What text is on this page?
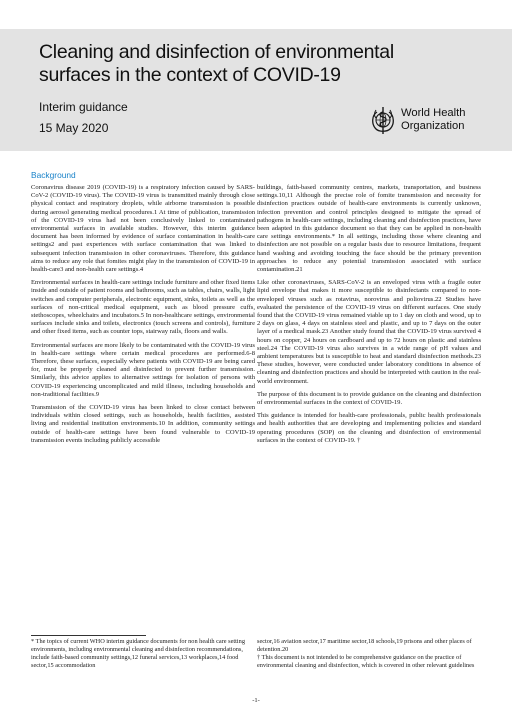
Cleaning and disinfection of environmental surfaces in the context of COVID-19
Interim guidance
15 May 2020
World Health
Organization
Background

Coronavirus disease 2019 (COVID-19) is a respiratory infection caused by SARS-CoV-2 (COVID-19 virus). The COVID-19 virus is transmitted mainly through close physical contact and respiratory droplets, while airborne transmission is possible during aerosol generating medical procedures.1 At time of publication, transmission of the COVID-19 virus had not been conclusively linked to contaminated environmental surfaces in available studies. However, this interim guidance document has been informed by evidence of surface contamination in health-care settings2 and past experiences with surface contamination that was linked to subsequent infection transmission in other coronaviruses. Therefore, this guidance aims to reduce any role that fomites might play in the transmission of COVID-19 in health-care3 and non-health care settings.4

Environmental surfaces in health-care settings include furniture and other fixed items inside and outside of patient rooms and bathrooms, such as tables, chairs, walls, light switches and computer peripherals, electronic equipment, sinks, toilets as well as the surfaces of non-critical medical equipment, such as blood pressure cuffs, stethoscopes, wheelchairs and incubators.5 In non-healthcare settings, environmental surfaces include sinks and toilets, electronics (touch screens and controls), furniture and other fixed items, such as counter tops, stairway rails, floors and walls.

Environmental surfaces are more likely to be contaminated with the COVID-19 virus in health-care settings where certain medical procedures are performed.6-8 Therefore, these surfaces, especially where patients with COVID-19 are being cared for, must be properly cleaned and disinfected to prevent further transmission. Similarly, this advice applies to alternative settings for isolation of persons with COVID-19 experiencing uncomplicated and mild illness, including households and non-traditional facilities.9

Transmission of the COVID-19 virus has been linked to close contact between individuals within closed settings, such as households, health facilities, assisted living and residential institution environments.10 In addition, community settings outside of health-care settings have been found vulnerable to COVID-19 transmission events including publicly accessible

buildings, faith-based community centres, markets, transportation, and business settings.10,11 Although the precise role of fomite transmission and necessity for disinfection practices outside of health-care environments is currently unknown, infection prevention and control principles designed to mitigate the spread of pathogens in health-care settings, including cleaning and disinfection practices, have been adapted in this guidance document so that they can be applied in non-health care settings environments.* In all settings, including those where cleaning and disinfection are not possible on a regular basis due to resource limitations, frequent hand washing and avoiding touching the face should be the primary prevention approaches to reduce any potential transmission associated with surface contamination.21

Like other coronaviruses, SARS-CoV-2 is an enveloped virus with a fragile outer lipid envelope that makes it more susceptible to disinfectants compared to non-enveloped viruses such as rotavirus, norovirus and poliovirus.22 Studies have evaluated the persistence of the COVID-19 virus on different surfaces. One study found that the COVID-19 virus remained viable up to 1 day on cloth and wood, up to 2 days on glass, 4 days on stainless steel and plastic, and up to 7 days on the outer layer of a medical mask.23 Another study found that the COVID-19 virus survived 4 hours on copper, 24 hours on cardboard and up to 72 hours on plastic and stainless steel.24 The COVID-19 virus also survives in a wide range of pH values and ambient temperatures but is susceptible to heat and standard disinfection methods.23 These studies, however, were conducted under laboratory conditions in absence of cleaning and disinfection practices and should be interpreted with caution in the real-world environment.

The purpose of this document is to provide guidance on the cleaning and disinfection of environmental surfaces in the context of COVID-19.

This guidance is intended for health-care professionals, public health professionals and health authorities that are developing and implementing policies and standard operating procedures (SOP) on the cleaning and disinfection of environmental surfaces in the context of COVID-19. †

* The topics of current WHO interim guidance documents for non health care setting environments, including environmental cleaning and disinfection recommendations, include faith-based community settings,12 funeral services,13 workplaces,14 food sector,15 accommodation

sector,16 aviation sector,17 maritime sector,18 schools,19 prisons and other places of detention.20

† This document is not intended to be comprehensive guidance on the practice of environmental cleaning and disinfection, which is covered in other relevant guidelines

-1-
